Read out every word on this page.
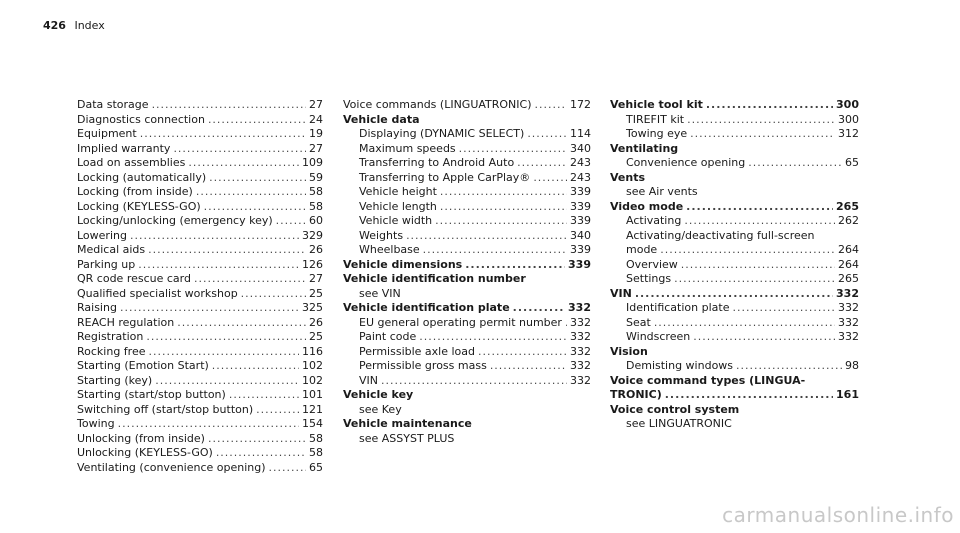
426 Index
Data storage .....	27
Diagnostics connection .....	24
Equipment .....	19
Implied warranty .....	27
Load on assemblies .....	109
Locking (automatically) .....	59
Locking (from inside) .....	58
Locking (KEYLESS-GO) .....	58
Locking/unlocking (emergency key) .....	60
Lowering .....	329
Medical aids .....	26
Parking up .....	126
QR code rescue card .....	27
Qualified specialist workshop .....	25
Raising .....	325
REACH regulation .....	26
Registration .....	25
Rocking free .....	116
Starting (Emotion Start) .....	102
Starting (key) .....	102
Starting (start/stop button) .....	101
Switching off (start/stop button) .....	121
Towing .....	154
Unlocking (from inside) .....	58
Unlocking (KEYLESS-GO) .....	58
Ventilating (convenience opening) .....	65
Voice commands (LINGUATRONIC) .....	172
Vehicle data
Displaying (DYNAMIC SELECT) .....	114
Maximum speeds .....	340
Transferring to Android Auto .....	243
Transferring to Apple CarPlay® .....	243
Vehicle height .....	339
Vehicle length .....	339
Vehicle width .....	339
Weights .....	340
Wheelbase .....	339
Vehicle dimensions .....	339
Vehicle identification number
see VIN
Vehicle identification plate .....	332
EU general operating permit number ..... 332
Paint code .....	332
Permissible axle load .....	332
Permissible gross mass .....	332
VIN .....	332
Vehicle key
see Key
Vehicle maintenance
see ASSYST PLUS
Vehicle tool kit .....	300
TIREFIT kit .....	300
Towing eye .....	312
Ventilating
Convenience opening .....	65
Vents
see Air vents
Video mode .....	265
Activating .....	262
Activating/deactivating full-screen
mode .....	264
Overview .....	264
Settings .....	265
VIN .....	332
Identification plate .....	332
Seat .....	332
Windscreen .....	332
Vision
Demisting windows .....	98
Voice command types (LINGUA-
TRONIC) .....	161
Voice control system
see LINGUATRONIC
carmanualsonline.info
